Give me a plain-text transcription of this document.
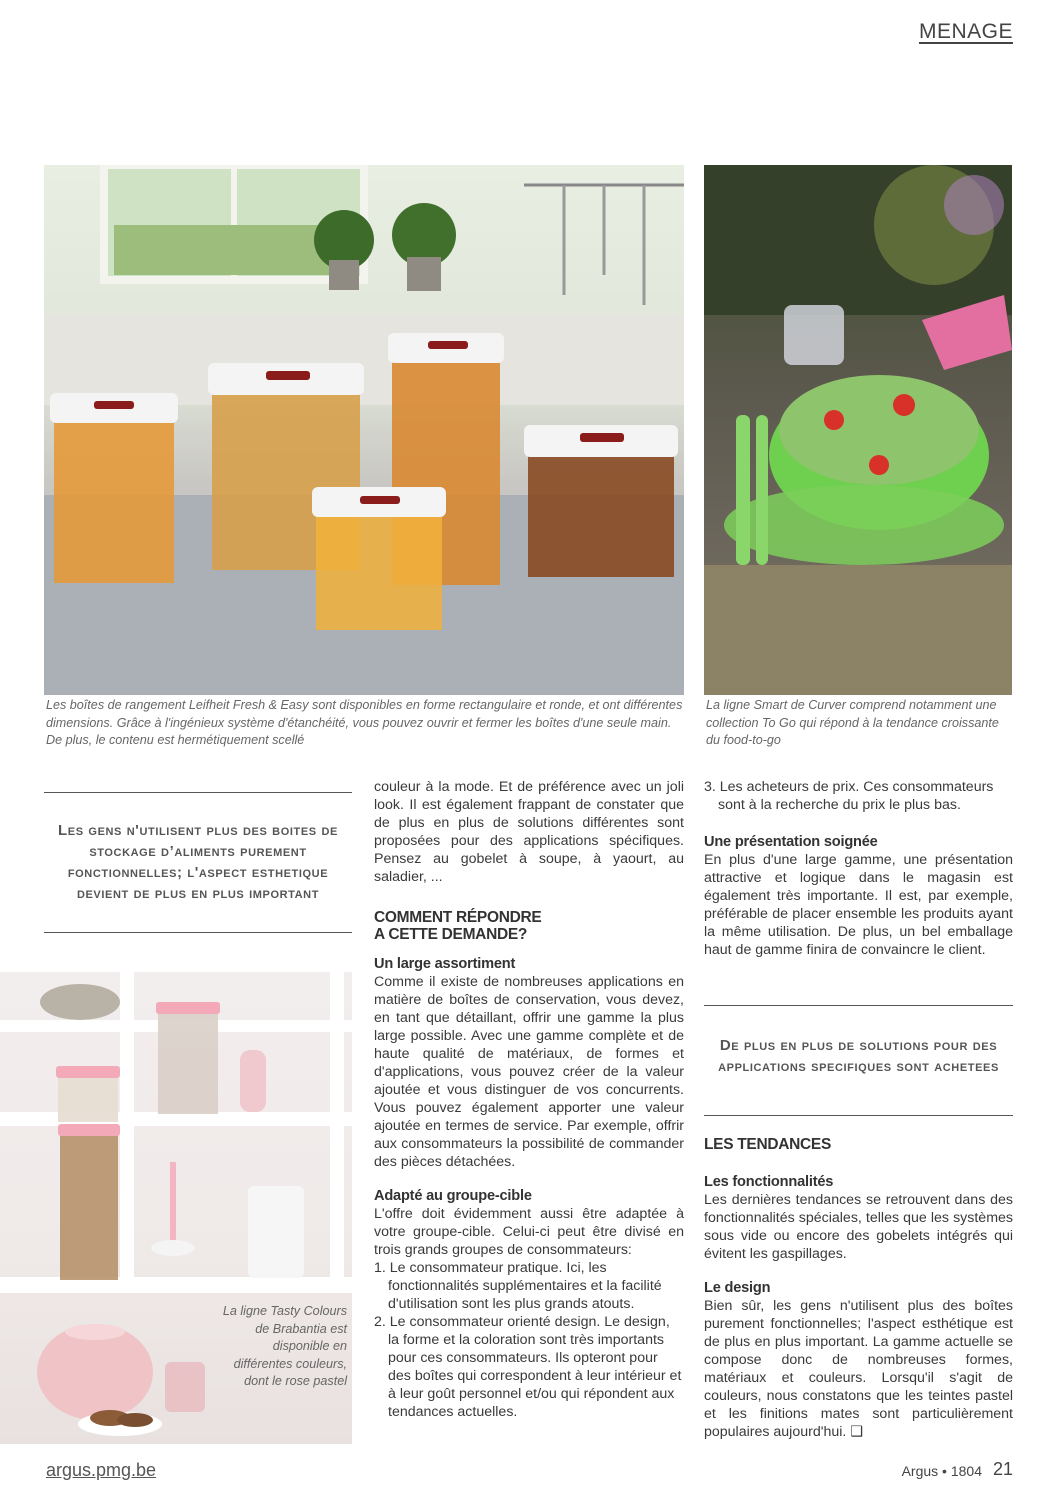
MENAGE
Les boîtes de rangement Leifheit Fresh & Easy sont disponibles en forme rectangulaire et ronde, et ont différentes dimensions. Grâce à l'ingénieux système d'étanchéité, vous pouvez ouvrir et fermer les boîtes d'une seule main. De plus, le contenu est hermétiquement scellé
La ligne Smart de Curver comprend notamment une collection To Go qui répond à la tendance croissante du food-to-go
La ligne Tasty Colours de Brabantia est disponible en différentes couleurs, dont le rose pastel
Les gens n'utilisent plus des boites de stockage d’aliments purement fonctionnelles; l'aspect esthetique devient de plus en plus important
De plus en plus de solutions pour des applications specifiques sont achetees

couleur à la mode. Et de préférence avec un joli look. Il est également frappant de constater que de plus en plus de solutions différentes sont proposées pour des applications spécifiques. Pensez au gobelet à soupe, à yaourt, au saladier, ...

COMMENT RÉPONDRE
A CETTE DEMANDE?
Un large assortiment

Comme il existe de nombreuses applications en matière de boîtes de conservation, vous devez, en tant que détaillant, offrir une gamme la plus large possible. Avec une gamme complète et de haute qualité de matériaux, de formes et d'applications, vous pouvez créer de la valeur ajoutée et vous distinguer de vos concurrents. Vous pouvez également apporter une valeur ajoutée en termes de service. Par exemple, offrir aux consommateurs la possibilité de commander des pièces détachées.

Adapté au groupe-cible

L'offre doit évidemment aussi être adaptée à votre groupe-cible. Celui-ci peut être divisé en trois grands groupes de consommateurs:

1. Le consommateur pratique. Ici, les fonctionnalités supplémentaires et la facilité d'utilisation sont les plus grands atouts.
2. Le consommateur orienté design. Le design, la forme et la coloration sont très importants pour ces consommateurs. Ils opteront pour des boîtes qui correspondent à leur intérieur et à leur goût personnel et/ou qui répondent aux tendances actuelles.
3. Les acheteurs de prix. Ces consommateurs sont à la recherche du prix le plus bas.
Une présentation soignée

En plus d'une large gamme, une présentation attractive et logique dans le magasin est également très importante. Il est, par exemple, préférable de placer ensemble les produits ayant la même utilisation. De plus, un bel emballage haut de gamme finira de convaincre le client.

LES TENDANCES
Les fonctionnalités

Les dernières tendances se retrouvent dans des fonctionnalités spéciales, telles que les systèmes sous vide ou encore des gobelets intégrés qui évitent les gaspillages.

Le design

Bien sûr, les gens n'utilisent plus des boîtes purement fonctionnelles; l'aspect esthétique est de plus en plus important. La gamme actuelle se compose donc de nombreuses formes, matériaux et couleurs. Lorsqu'il s'agit de couleurs, nous constatons que les teintes pastel et les finitions mates sont particulièrement populaires aujourd'hui. ❑

argus.pmg.be	Argus • 1804 21
